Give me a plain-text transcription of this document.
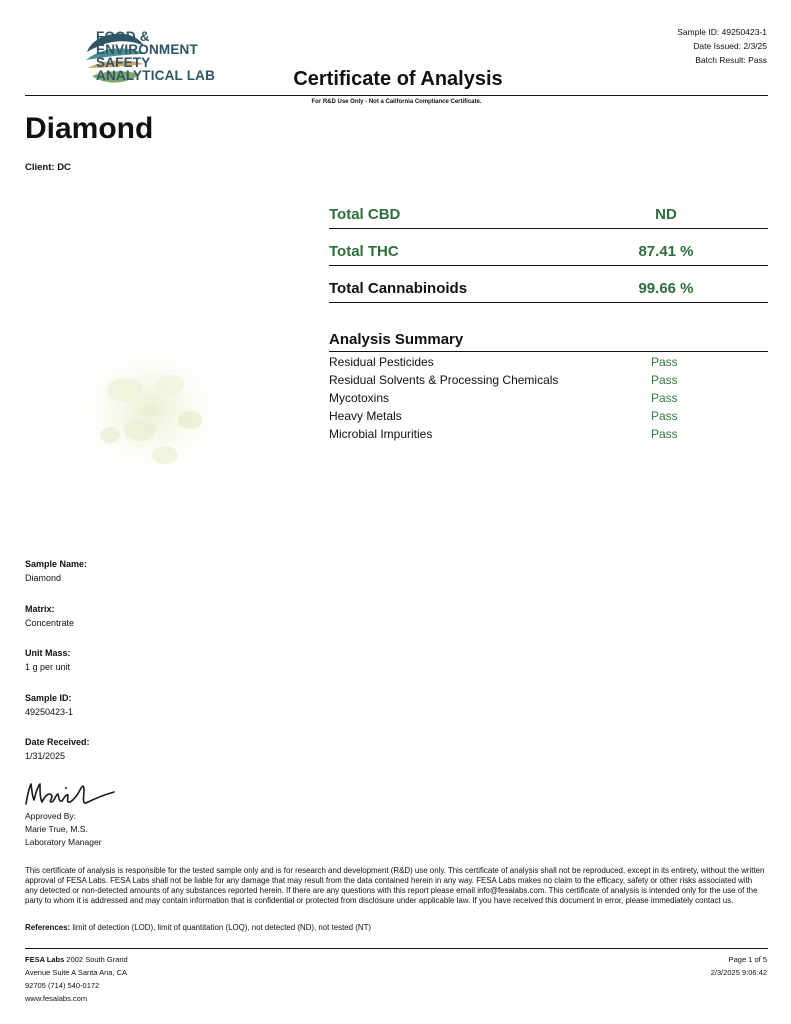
FOOD &
ENVIRONMENT
SAFETY
ANALYTICAL LAB	Certificate of Analysis
Sample ID: 49250423-1
Date Issued: 2/3/25
Batch Result: Pass
For R&D Use Only - Not a California Compliance Certificate.
Diamond
Client: DC
Total CBD	ND
Total THC	87.41 %
Total Cannabinoids	99.66 %
Analysis Summary
Residual Pesticides	Pass
Residual Solvents & Processing Chemicals	Pass
Mycotoxins	Pass
Heavy Metals	Pass
Microbial Impurities	Pass
Sample Name:
Diamond
Matrix:
Concentrate
Unit Mass:
1 g per unit
Sample ID:
49250423-1
Date Received:
1/31/2025
Approved By:
Marie True, M.S.
Laboratory Manager
This certificate of analysis is responsible for the tested sample only and is for research and development (R&D) use only. This certificate of analysis shall not be reproduced, except in its entirety, without the written approval of FESA Labs. FESA Labs shall not be liable for any damage that may result from the data contained herein in any way. FESA Labs makes no claim to the efficacy, safety or other risks associated with any detected or non-detected amounts of any substances reported herein. If there are any questions with this report please email info@fesalabs.com. This certificate of analysis is intended only for the use of the party to whom it is addressed and may contain information that is confidential or protected from disclosure under applicable law. If you have received this document in error, please immediately contact us.
References: limit of detection (LOD), limit of quantitation (LOQ), not detected (ND), not tested (NT)
FESA Labs 2002 South Grand
Avenue Suite A Santa Ana, CA
92705 (714) 540-0172
www.fesalabs.com
Page 1 of 5
2/3/2025 9:06:42
